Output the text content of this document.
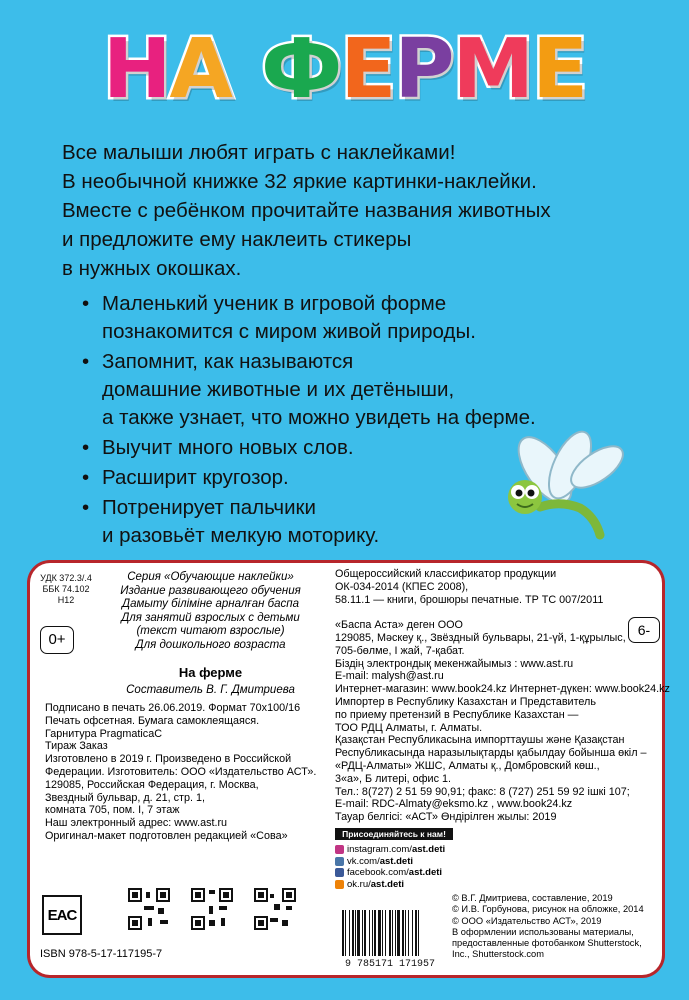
Н А Ф Е Р М Е
Все малыши любят играть с наклейками!
В необычной книжке 32 яркие картинки-наклейки.
Вместе с ребёнком прочитайте названия животных
и предложите ему наклеить стикеры
в нужных окошках.
• Маленький ученик в игровой форме
познакомится с миром живой природы.
• Запомнит, как называются
домашние животные и их детёныши,
а также узнает, что можно увидеть на ферме.
• Выучит много новых слов.
• Расширит кругозор.
• Потренирует пальчики
и разовьёт мелкую моторику.
УДК 372.3/.4
ББК 74.102
Н12
Серия «Обучающие наклейки»
Издание развивающего обучения
Дамыту біліміне арналған баспа
Для занятий взрослых с детьми
(текст читают взрослые)
Для дошкольного возраста
0+
На ферме
Составитель В. Г. Дмитриева
Подписано в печать 26.06.2019. Формат 70х100/16
Печать офсетная. Бумага самоклеящаяся.
Гарнитура PragmaticaC
Тираж Заказ
Изготовлено в 2019 г. Произведено в Российской
Федерации. Изготовитель: ООО «Издательство АСТ».
129085, Российская Федерация, г. Москва,
Звездный бульвар, д. 21, стр. 1,
комната 705, пом. I, 7 этаж
Наш электронный адрес: www.ast.ru
Оригинал-макет подготовлен редакцией «Сова»
Общероссийский классификатор продукции
ОК-034-2014 (КПЕС 2008),
58.11.1 — книги, брошюры печатные. ТР ТС 007/2011

«Баспа Аста» деген ООО
129085, Мәскеу қ., Звёздный бульвары, 21-үй, 1-құрылыс,
705-бөлме, I жай, 7-қабат.
Біздің электрондық мекенжайымыз : www.ast.ru
E-mail: malysh@ast.ru
Интернет-магазин: www.book24.kz Интернет-дүкен: www.book24.kz
Импортер в Республику Казахстан и Представитель
по приему претензий в Республике Казахстан —
ТОО РДЦ Алматы, г. Алматы.
Қазақстан Республикасына импорттаушы және Қазақстан
Республикасында наразылықтарды қабылдау бойынша өкіл –
«РДЦ-Алматы» ЖШС, Алматы қ., Домбровский көш.,
3«а», Б литері, офис 1.
Тел.: 8(727) 2 51 59 90,91; факс: 8 (727) 251 59 92 ішкі 107;
E-mail: RDC-Almaty@eksmo.kz , www.book24.kz
Тауар белгісі: «АСТ» Өндірілген жылы: 2019
6-
Присоединяйтесь к нам!
instagram.com/ast.deti
vk.com/ast.deti
facebook.com/ast.deti
ok.ru/ast.deti
© В.Г. Дмитриева, составление, 2019
© И.В. Горбунова, рисунок на обложке, 2014
© ООО «Издательство АСТ», 2019
В оформлении использованы материалы,
предоставленные фотобанком Shutterstock,
Inc., Shutterstock.com
EAC
ISBN 978-5-17-117195-7
9 785171 171957
